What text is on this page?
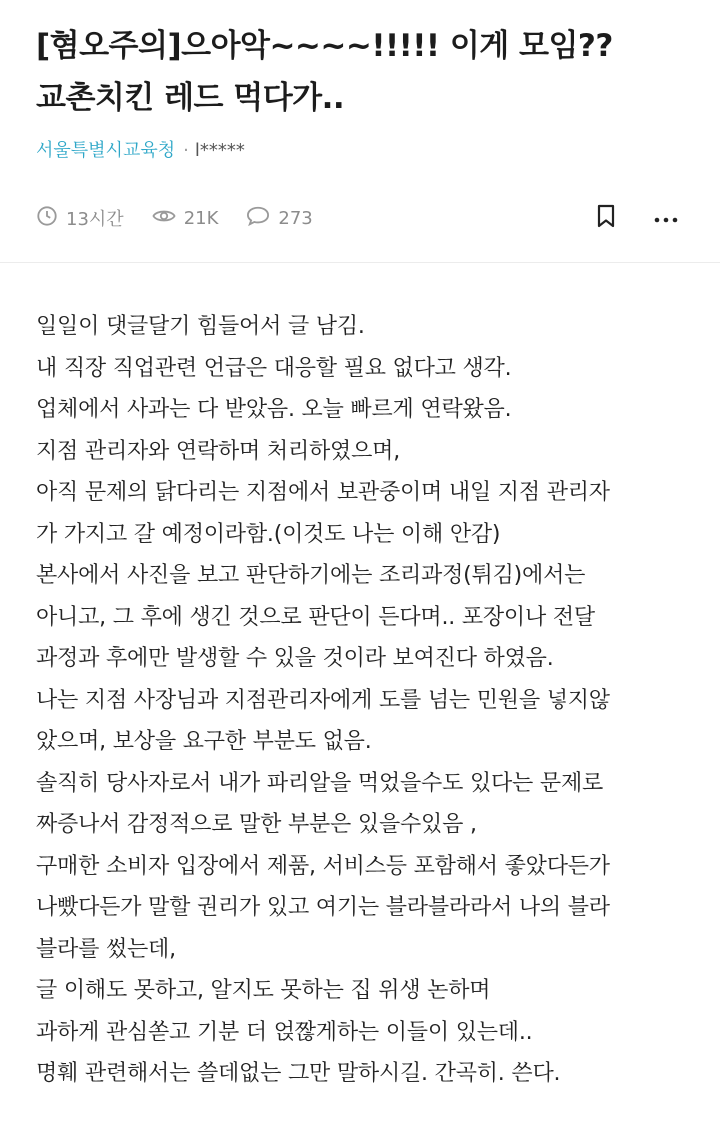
[혐오주의]으아악~~~~!!!!! 이게 모임?? 교촌치킨 레드 먹다가..
서울특별시교육청 · l*****
13시간	21K	273

일일이 댓글달기 힘들어서 글 남김.

내 직장 직업관련 언급은 대응할 필요 없다고 생각.

업체에서 사과는 다 받았음. 오늘 빠르게 연락왔음.

지점 관리자와 연락하며 처리하였으며,

아직 문제의 닭다리는 지점에서 보관중이며 내일 지점 관리자

가 가지고 갈 예정이라함.(이것도 나는 이해 안감)

본사에서 사진을 보고 판단하기에는 조리과정(튀김)에서는

아니고, 그 후에 생긴 것으로 판단이 든다며.. 포장이나 전달

과정과 후에만 발생할 수 있을 것이라 보여진다 하였음.

나는 지점 사장님과 지점관리자에게 도를 넘는 민원을 넣지않

았으며, 보상을 요구한 부분도 없음.

솔직히 당사자로서 내가 파리알을 먹었을수도 있다는 문제로

짜증나서 감정적으로 말한 부분은 있을수있음 ,

구매한 소비자 입장에서 제품, 서비스등 포함해서 좋았다든가

나빴다든가 말할 권리가 있고 여기는 블라블라라서 나의 블라

블라를 썼는데,

글 이해도 못하고, 알지도 못하는 집 위생 논하며

과하게 관심쏟고 기분 더 얹짢게하는 이들이 있는데..

명훼 관련해서는 쓸데없는 그만 말하시길. 간곡히. 쓴다.
